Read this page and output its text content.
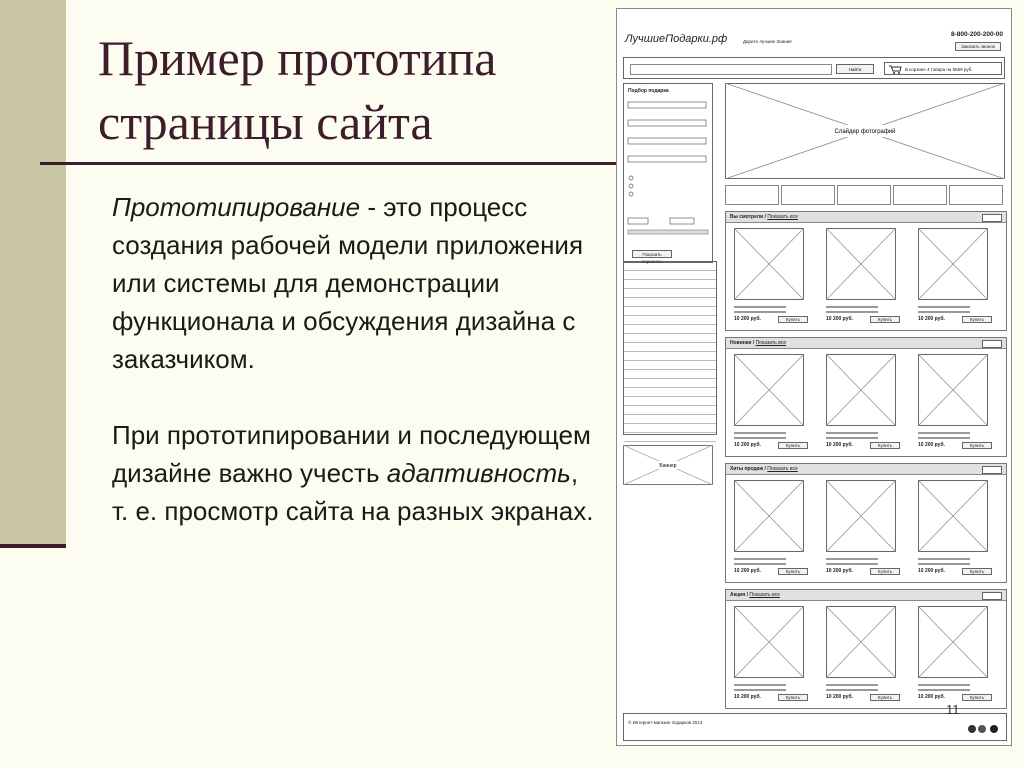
Пример прототипа страницы сайта

Прототипирование - это процесс создания рабочей модели приложения или системы для демонстрации функционала и обсуждения дизайна с заказчиком.

При прототипировании и последующем дизайне важно учесть адаптивность, т. е. просмотр сайта на разных экранах.

ЛучшиеПодарки.рф	Дарите лучшие Знания
8-800-200-200-00
Заказать звонок
Найти	В корзине 4 товара на 5559 руб.
Подбор подарка
Показать варианты
Баннер
Слайдер фотографий
Вы смотрели / Показать все
10 200 руб.	Купить	10 200 руб.	Купить	10 200 руб.	Купить
Новинки / Показать все
10 200 руб.	Купить	10 200 руб.	Купить	10 200 руб.	Купить
Хиты продаж / Показать все
10 200 руб.	Купить	10 200 руб.	Купить	10 200 руб.	Купить
Акция / Показать все
10 200 руб.	Купить	10 200 руб.	Купить	10 200 руб.	Купить
© Интернет-магазин подарков 2013
11
